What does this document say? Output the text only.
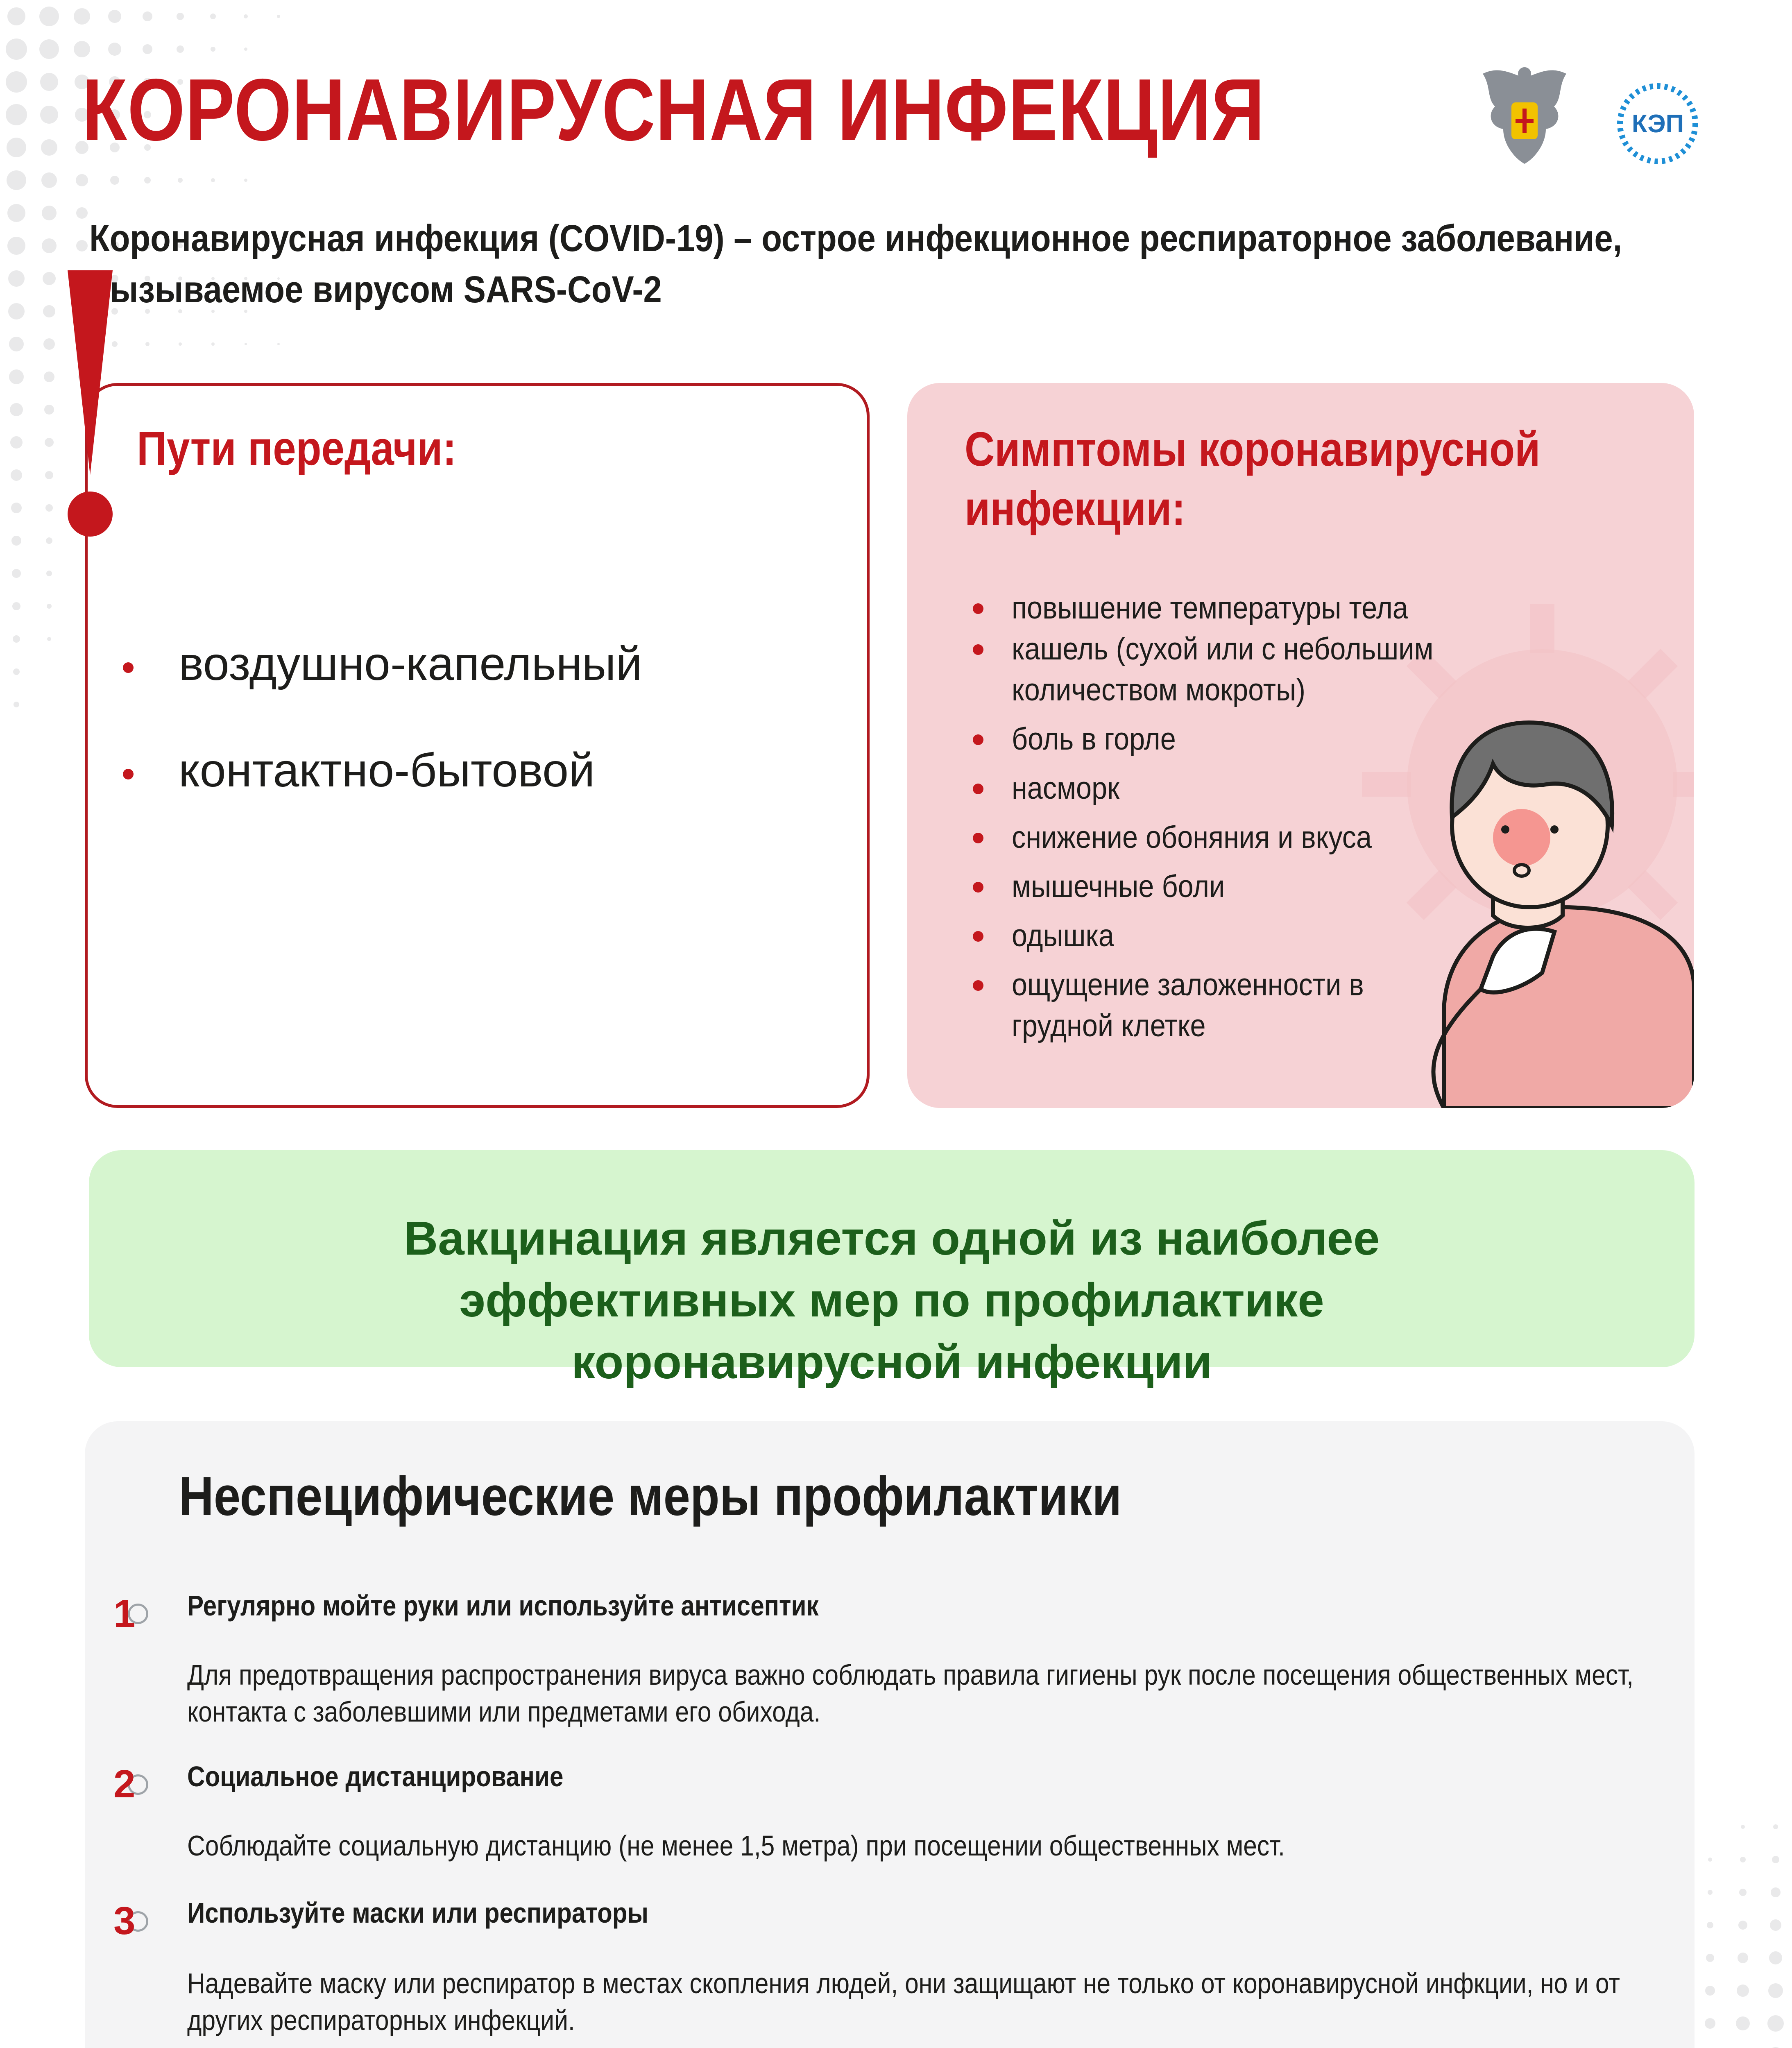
КОРОНАВИРУСНАЯ ИНФЕКЦИЯ	КЭП

Коронавирусная инфекция (COVID-19) – острое инфекционное респираторное заболевание, вызываемое вирусом SARS-CoV-2

Пути передачи:
воздушно-капельный
контактно-бытовой
Симптомы коронавирусной инфекции:
повышение температуры тела
кашель (сухой или с небольшим количеством мокроты)
боль в горле
насморк
снижение обоняния и вкуса
мышечные боли
одышка
ощущение заложенности в грудной клетке
Вакцинация является одной из наиболее эффективных мер по профилактике коронавирусной инфекции
Неспецифические меры профилактики
1 Регулярно мойте руки или используйте антисептик
Для предотвращения распространения вируса важно соблюдать правила гигиены рук после посещения общественных мест, контакта с заболевшими или предметами его обихода.
2 Социальное дистанцирование
Соблюдайте социальную дистанцию (не менее 1,5 метра) при посещении общественных мест.
3 Используйте маски или респираторы
Надевайте маску или респиратор в местах скопления людей, они защищают не только от коронавирусной инфкции, но и от других респираторных инфекций.
